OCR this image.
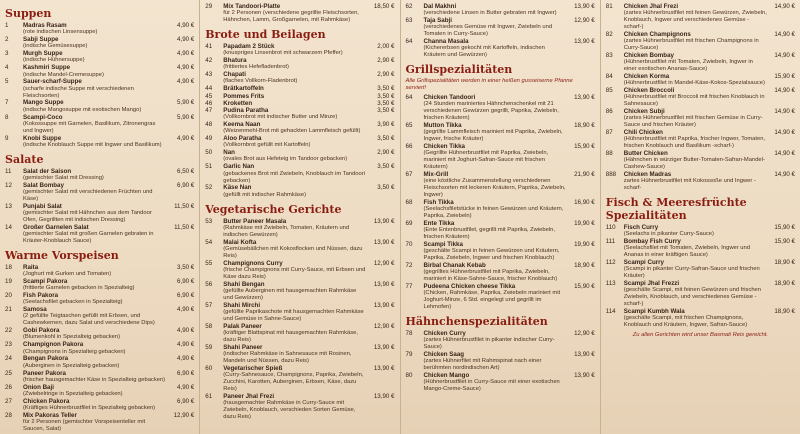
Suppen
1	Madras Rasam	4,90 €
(rote indischen Linsensuppe)
2	Sabji Suppe	4,90 €
(indische Gemüsesuppe)
3	Murgh Suppe	4,90 €
(indische Hühnersuppe)
4	Kashmiri Suppe	4,90 €
(indische Mandel-Cremesuppe)
5	Sauer-scharf-Suppe	4,90 €
(scharfe indische Suppe mit verschiedenen Fleischsorten)
7	Mango Suppe	5,90 €
(indische Mangosuppe mit exotischen Mango)
8	Scampi-Coco	5,90 €
(Kokossuppe mit Garnelen, Basilikum, Zitronengras und Ingwer)
9	Knobi Suppe	4,90 €
(indische Knoblauch Suppe mit Ingwer und Basilikum)
Salate
11	Salat der Saison	6,50 €
(gemischter Salat mit Dressing)
12	Salat Bombay	6,90 €
(gemischter Salat mit verschiedenen Früchten und Käse)
13	Punjabi Salat	11,50 €
(gemischter Salat mit Hähnchen aus dem Tandoor Ofen, Gegrillten mit indischen Dressing)
14	Großer Garnelen Salat	11,50 €
(gemischter Salat mit großen Garnelen gebraten in Kräuter-Knoblauch Sauce)
Warme Vorspeisen
18	Raita	3,50 €
(Joghurt mit Gurken und Tomaten)
19	Scampi Pakora	6,90 €
(frittierte Garnelen gebacken in Spezialteig)
20	Fish Pakora	6,90 €
(Seelachsfilet gebacken in Spezialteig)
21	Samosa	4,90 €
(2 gefüllte Teigtaschen gefüllt mit Erbsen, und Cashewkernen, dazu Salat und verschiedene Dips)
22	Gobi Pakora	4,90 €
(Blumenkohl in Spezialteig gebacken)
23	Champignon Pakora	4,90 €
(Champignons in Spezialteig gebacken)
24	Bengan Pakora	4,90 €
(Auberginen in Spezialteig gebacken)
25	Paneer Pakora	6,90 €
(frischer hausgemachter Käse in Spezialteig gebacken)
26	Onion Baji	4,90 €
(Zwiebelringe in Spezialteig gebacken)
27	Chicken Pakora	6,90 €
(Kräftiges Hühnerbrustfilet in Spezialteig gebacken)
28	Mix Pakoras Teller	12,90 €
für 2 Personen (gemischter Vorspeisenteller mit Saucen, Salat)
29	Mix Tandoori-Platte	18,50 €
für 2 Personen (verschiedene gegrillte Fleischsorten, Hähnchen, Lamm, Großgarnelen, mit Rahmkäse)
Brote und Beilagen
41	Papadam 2 Stück	2,00 €
(knuspriges Linsenbrot mit schwarzem Pfeffer)
42	Bhatura	2,90 €
(frittiertes Hefefladenbrot)
43	Chapati	2,90 €
(flaches Vollkorn-Fladenbrot)
44	Brätkartoffeln	3,50 €
45	Pommes Frits	3,50 €
46	Kroketten	3,50 €
47	Pudina Paratha	3,50 €
(Vollkornbrot mit indischer Butter und Minze)
48	Keema Naan	3,90 €
(Weizenmehl-Brot mit gehackten Lammfleisch gefüllt)
49	Aloo Paratha	3,50 €
(Vollkornbrot gefüllt mit Kartoffeln)
50	Nan	2,90 €
(ovales Brot aus Hefeteig im Tandoor gebacken)
51	Garlic Nan	3,50 €
(gebackenes Brot mit Zwiebeln, Knoblauch im Tandoori gebacken)
52	Käse Nan	3,50 €
(gefüllt mit indischer Rahmkäse)
Vegetarische Gerichte
53	Butter Paneer Masala	13,90 €
(Rahmkäse mit Zwiebeln, Tomaten, Kräutern und indischen Gewürzen)
54	Malai Kofta	13,90 €
(Gemüsebällchen mit Kokosflocken und Nüssen, dazu Reis)
55	Champignons Curry	12,90 €
(frische Champignons mit Curry-Sauce, mit Erbsen und Käse dazu Reis)
56	Shahi Bengan	13,90 €
(gefüllte Auberginen mit hausgemachten Rahmkäse und Gewürzen)
57	Shahi Mirchi	13,90 €
(gefüllte Paprikaschote mit hausgemachten Rahmkäse und Gemüse in Sahne-Sauce)
58	Palak Paneer	12,90 €
(kräftiger Blattspinat mit hausgemachten Rahmkäse, dazu Reis)
59	Shahi Paneer	13,90 €
(indischer Rahmkäse in Sahnesauce mit Rosinen, Mandeln und Nüssen, dazu Reis)
60	Vegetarischer Spieß	13,90 €
(Curry-Sahnesauce, Champignons, Paprika, Zwiebeln, Zucchini, Karotten, Auberginen, Erbsen, Käse, dazu Reis)
61	Paneer Jhal Frezi	13,90 €
(hausgemachter Rahmkäse in Curry-Sauce mit Zwiebeln, Knoblauch, verschieden Sorten Gemüse, dazu Reis)
62	Dal Makhni	13,90 €
(verschiedene Linsen in Butter gebraten mit Ingwer)
63	Taja Sabji	12,90 €
(verschiedenes Gemüse mit Ingwer, Zwiebeln und Tomaten in Curry-Sauce)
64	Channa Masala	13,90 €
(Kichererbsen gekocht mit Kartoffeln, indischen Kräutern und Gewürzen)
Grillspezialitäten
Alle Grillspezialitäten werden in einer heißen gusseiserne Pfanne serviert!
64	Chicken Tandoori	13,90 €
(24 Stunden mariniertes Hähnchenschenkel mit 21 verschiedenen Gewürzen gegrillt, Paprika, Zwiebeln, frischen Kräutern)
65	Mutton Tikka	18,90 €
(gegrillte Lammfleisch mariniert mit Paprika, Zwiebeln, Ingwer, frische Kräuter)
66	Chicken Tikka	15,90 €
(Gegrillte Hühnerbrustfilet mit Paprika, Zwiebeln, mariniert mit Joghurt-Safran-Sauce mit frischen Kräutern)
67	Mix-Grill	21,90 €
(eine köstliche Zusammenstellung verschiedenen Fleischsorten mit leckeren Kräutern, Paprika, Zwiebeln, Ingwer)
68	Fish Tikka	16,90 €
(Seelachsfiletstücke in feinen Gewürzen und Kräutern, Paprika, Zwiebeln)
69	Ente Tikka	19,90 €
(Ente Entenbrustfilet, gegrillt mit Paprika, Zwiebeln, frischen Kräutern)
70	Scampi Tikka	19,90 €
(geschälte Scampi in feinen Gewürzen und Kräutern, Paprika, Zwiebeln, Ingwer und frischen Knoblauch)
72	Birbal Chanak Kebab	18,90 €
(gegrilltes Hühnerbrustfilet mit Paprika, Zwiebeln, mariniert in Käse-Sahne-Sauce, frischer Knoblauch)
77	Pudeena Chicken cheese Tikka	15,90 €
(Chicken, Rahmkäse, Paprika, Zwiebeln mariniert mit Joghurt-Minze, 6 Std. eingelegt und gegrillt im Lehmofen)
Hähnchenspezialitäten
78	Chicken Curry	12,90 €
(zartes Hühnerbrustfilet in pikanter indischer Curry-Sauce)
79	Chicken Saag	13,90 €
(zartes Hühnerfilet mit Rahmspinat nach einer berühmten nordindischen Art)
80	Chicken Mango	13,90 €
(Hühnerbrustfilet in Curry-Sauce mit einer exotischen Mango-Creme-Sauce)
81	Chicken Jhal Frezi	14,90 €
(zartes Hühnerbrustfilet mit feinen Gewürzen, Zwiebeln, Knoblauch, Ingwer und verschiedenes Gemüse -scharf-)
82	Chicken Champignons	14,90 €
(zartes Hühnerbrustfilet mit frischen Champignons in Curry-Sauce)
83	Chicken Bombay	14,90 €
(Hühnerbrustfilet mit Tomaten, Zwiebeln, Ingwer in einer exotischen Ananas-Sauce)
84	Chicken Korma	15,90 €
(Hühnerbrustfilet in Mandel-Käse-Kokos-Spezialsauce)
85	Chicken Broccoli	14,90 €
(Hühnerbrustfilet mit Broccoli mit frischen Knoblauch in Sahnesauce)
86	Chicken Subji	14,90 €
(zartes Hühnerbrustfilet mit frischen Gemüse in Curry-Sauce und frischen Kräuter)
87	Chili Chicken	14,90 €
(Hühnerbrustfilet mit Paprika, frischer Ingwer, Tomaten, frischen Knoblauch und Basilikum -scharf-)
88	Butter Chicken	14,90 €
(Hähnchen in würziger Butter-Tomaten-Safran-Mandel-Cashew-Sauce)
888	Chicken Madras	14,90 €
zartes Hühnerbrustfilet mit Kokossoße und Ingwer -scharf-
Fisch & Meeresfrüchte Spezialitäten
110	Fisch Curry	15,90 €
(Seelachs in pikanter Curry-Sauce)
111	Bombay Fish Curry	15,90 €
(Seelachsfilet mit Tomaten, Zwiebeln, Ingwer und Ananas in einer kräftigen Sauce)
112	Scampi Curry	18,90 €
(Scampi in pikanter Curry-Safran-Sauce und frischen Kräuter)
113	Scampi Jhal Frezzi	18,90 €
(geschälte Scampi, mit feinen Gewürzen und frischen Zwiebeln, Knoblauch, und verschiedenes Gemüse -scharf-)
114	Scampi Kumbh Wala	18,90 €
(geschälte Scampi, mit frischen Champignons, Knoblauch und Kräutern, Ingwer, Safran-Sauce)
Zu allen Gerichten wird unser Basmati Reis gereicht.
